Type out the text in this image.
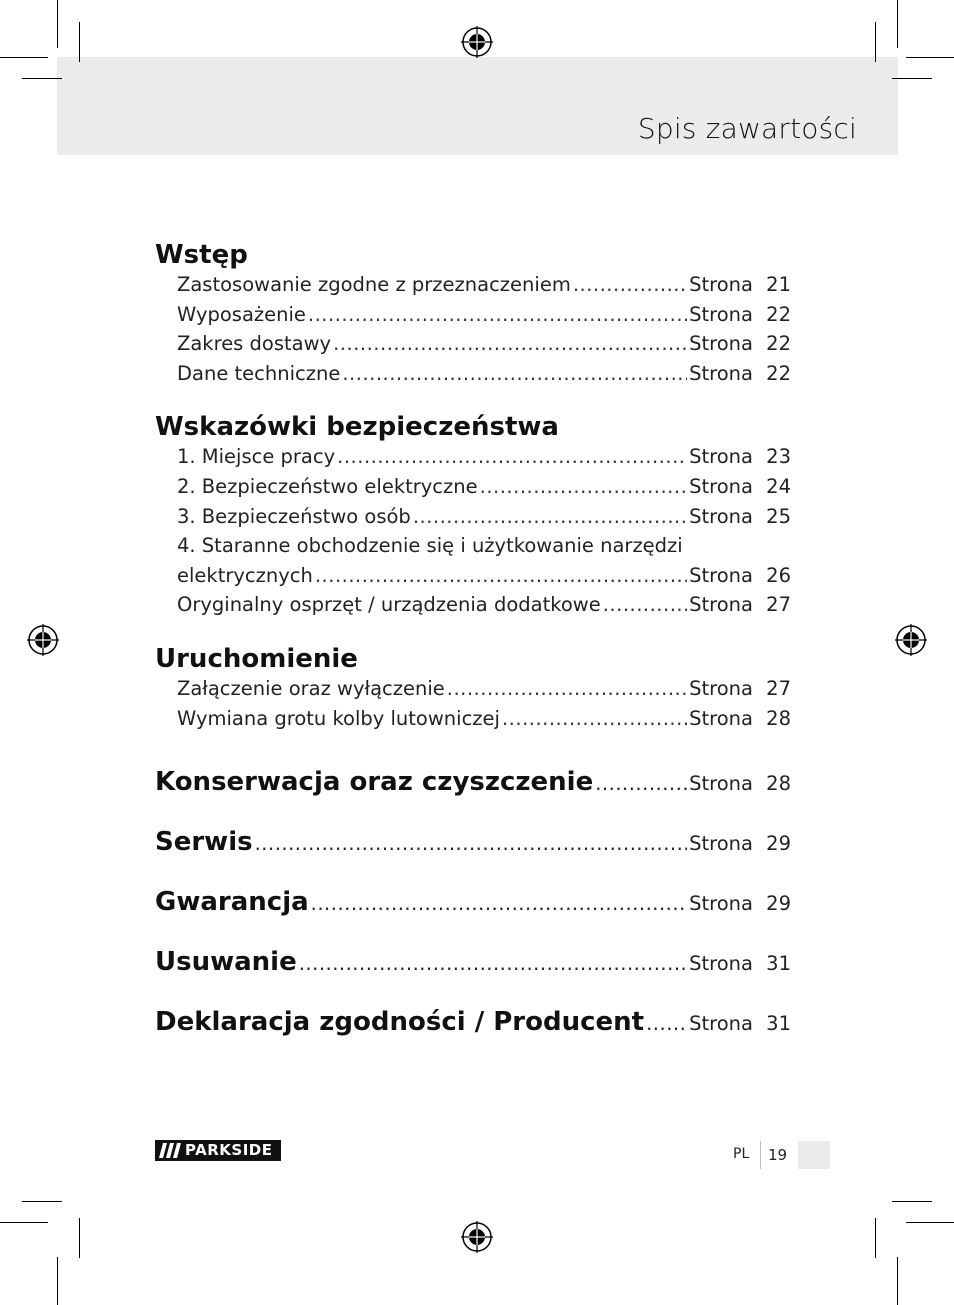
Spis zawartości
Wstęp
Zastosowanie zgodne z przeznaczeniem .....	Strona 21
Wyposażenie .....	Strona 22
Zakres dostawy .....	Strona 22
Dane techniczne .....	Strona 22
Wskazówki bezpieczeństwa
1. Miejsce pracy .....	Strona 23
2. Bezpieczeństwo elektryczne .....	Strona 24
3. Bezpieczeństwo osób .....	Strona 25
4. Staranne obchodzenie się i użytkowanie narzędzi
elektrycznych .....	Strona 26
Oryginalny osprzęt / urządzenia dodatkowe .....	Strona 27
Uruchomienie
Załączenie oraz wyłączenie .....	Strona 27
Wymiana grotu kolby lutowniczej .....	Strona 28
Konserwacja oraz czyszczenie .....	Strona 28
Serwis .....	Strona 29
Gwarancja .....	Strona 29
Usuwanie .....	Strona 31
Deklaracja zgodności / Producent ..... Strona 31
PARKSIDE	PL 19
